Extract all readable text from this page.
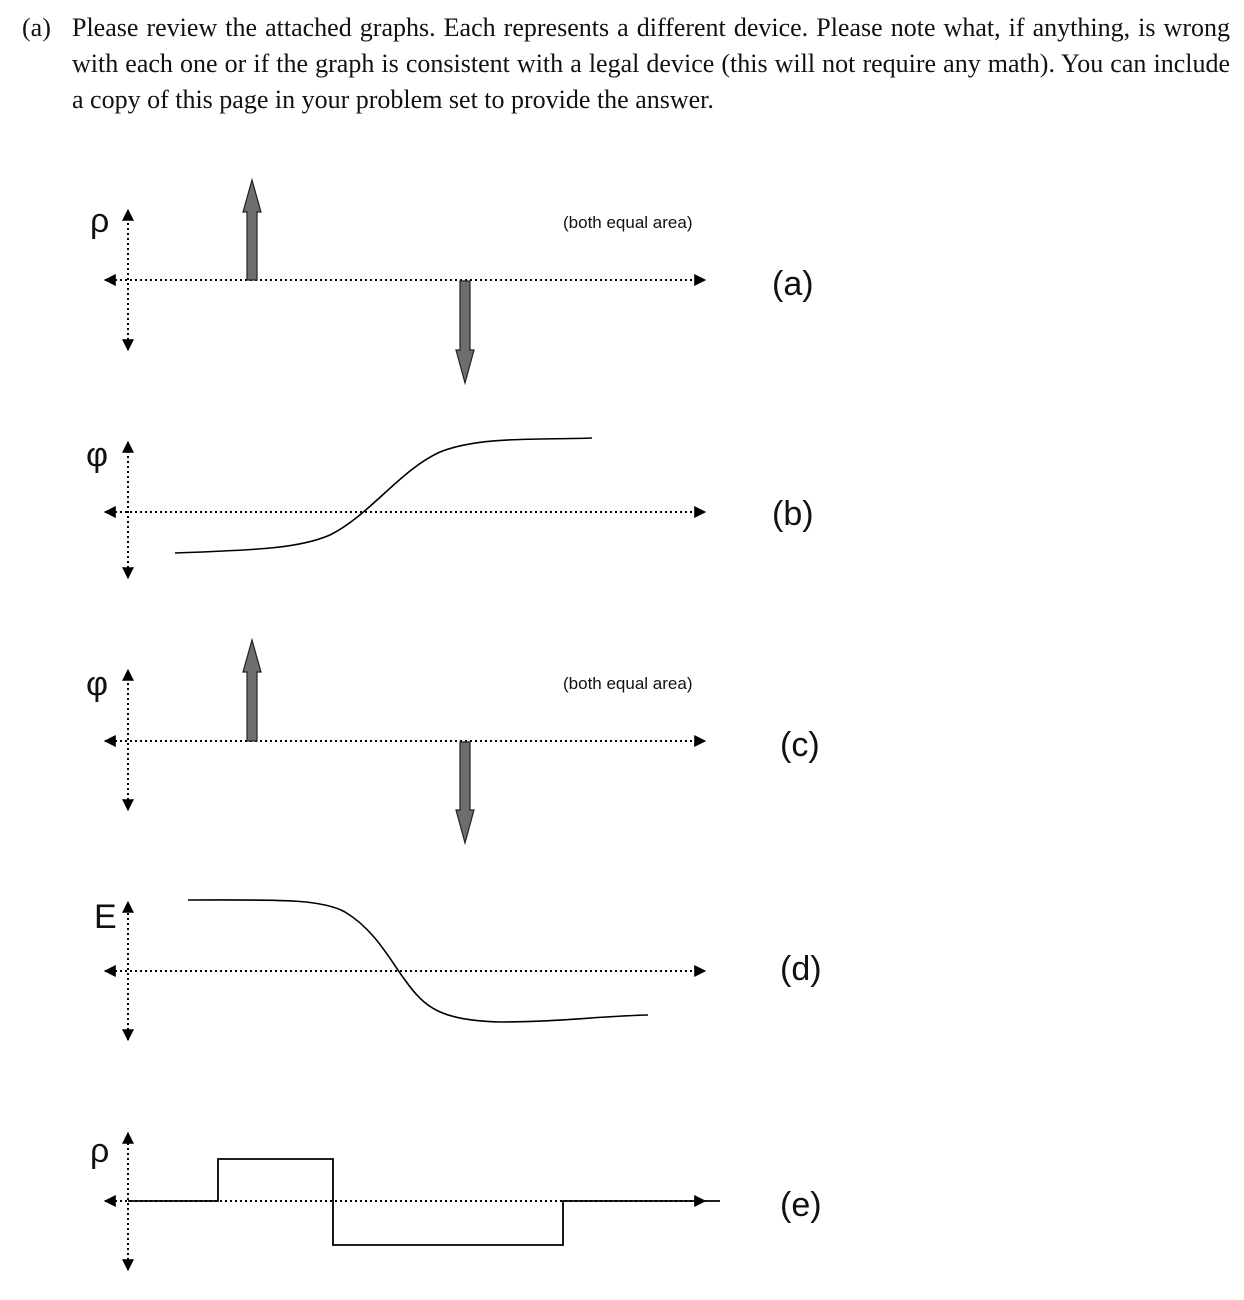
(a) Please review the attached graphs. Each represents a different device. Please note what, if anything, is wrong with each one or if the graph is consistent with a legal device (this will not require any math). You can include a copy of this page in your problem set to provide the answer.
ρ	(both equal area)
(a)
φ
(b)
φ	(both equal area)
(c)
E
(d)
ρ
(e)
